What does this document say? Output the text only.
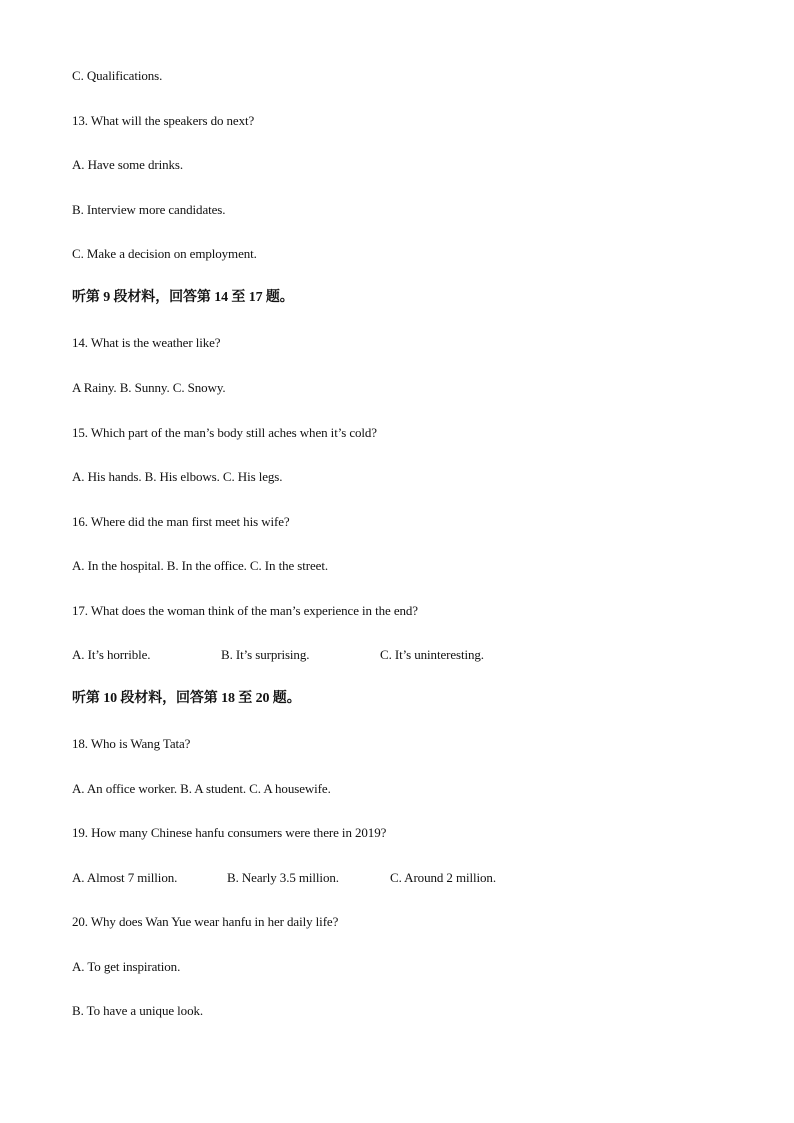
C. Qualifications.
13. What will the speakers do next?
A. Have some drinks.
B. Interview more candidates.
C. Make a decision on employment.
听第 9 段材料，回答第 14 至 17 题。
14. What is the weather like?
A Rainy. B. Sunny. C. Snowy.
15. Which part of the man’s body still aches when it’s cold?
A. His hands. B. His elbows. C. His legs.
16. Where did the man first meet his wife?
A. In the hospital. B. In the office. C. In the street.
17. What does the woman think of the man’s experience in the end?
A. It’s horrible.	B. It’s surprising.	C. It’s uninteresting.
听第 10 段材料，回答第 18 至 20 题。
18. Who is Wang Tata?
A. An office worker. B. A student. C. A housewife.
19. How many Chinese hanfu consumers were there in 2019?
A. Almost 7 million.	B. Nearly 3.5 million.	C. Around 2 million.
20. Why does Wan Yue wear hanfu in her daily life?
A. To get inspiration.
B. To have a unique look.
